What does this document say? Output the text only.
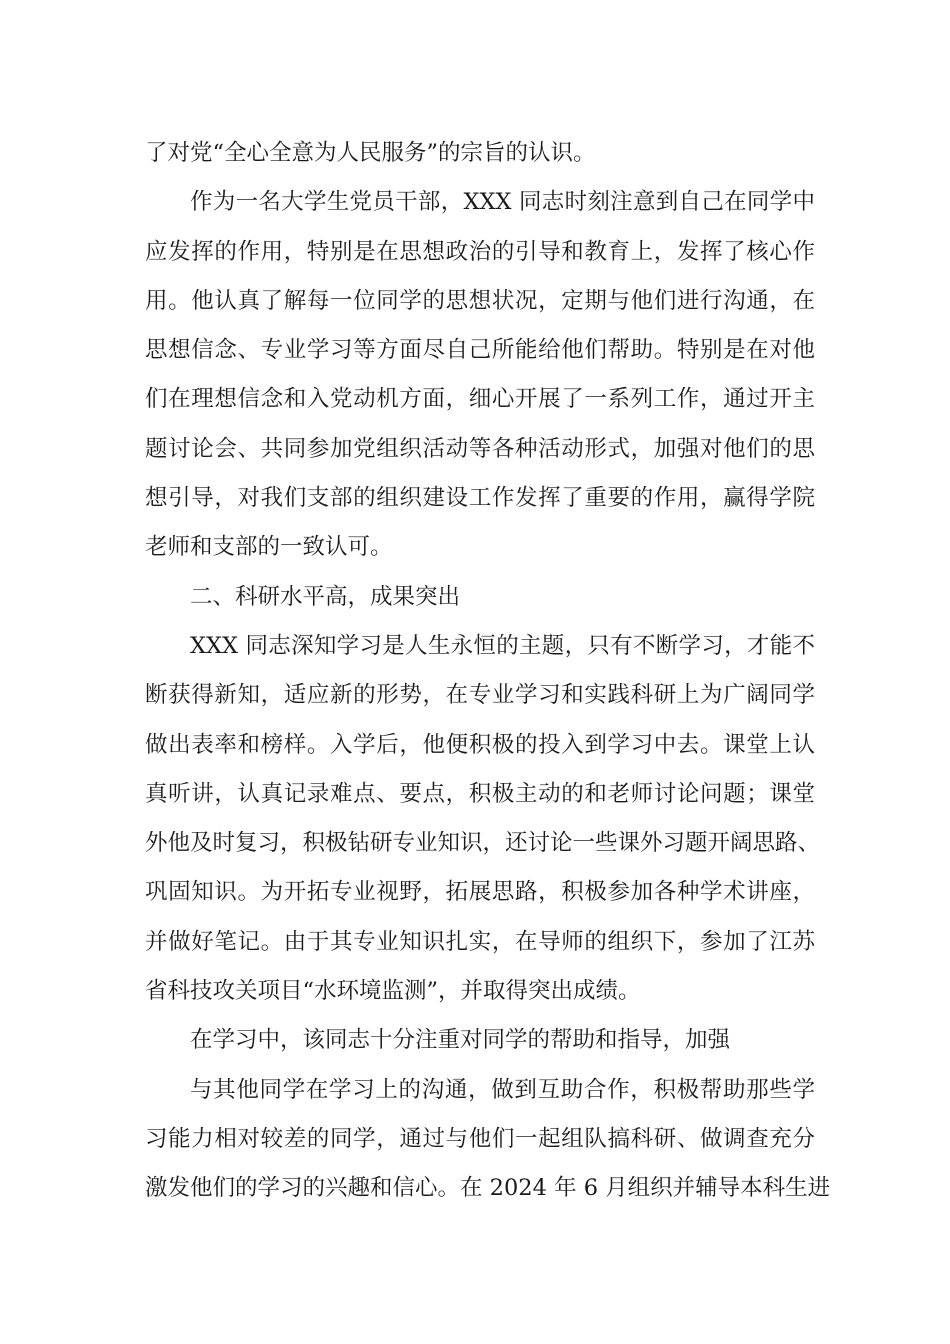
了对党“全心全意为人民服务”的宗旨的认识。
作为一名大学生党员干部，XXX 同志时刻注意到自己在同学中
应发挥的作用，特别是在思想政治的引导和教育上，发挥了核心作
用。他认真了解每一位同学的思想状况，定期与他们进行沟通，在
思想信念、专业学习等方面尽自己所能给他们帮助。特别是在对他
们在理想信念和入党动机方面，细心开展了一系列工作，通过开主
题讨论会、共同参加党组织活动等各种活动形式，加强对他们的思
想引导，对我们支部的组织建设工作发挥了重要的作用，赢得学院
老师和支部的一致认可。
二、科研水平高，成果突出
XXX 同志深知学习是人生永恒的主题，只有不断学习，才能不
断获得新知，适应新的形势，在专业学习和实践科研上为广阔同学
做出表率和榜样。入学后，他便积极的投入到学习中去。课堂上认
真听讲，认真记录难点、要点，积极主动的和老师讨论问题；课堂
外他及时复习，积极钻研专业知识，还讨论一些课外习题开阔思路、
巩固知识。为开拓专业视野，拓展思路，积极参加各种学术讲座，
并做好笔记。由于其专业知识扎实，在导师的组织下，参加了江苏
省科技攻关项目“水环境监测”，并取得突出成绩。
在学习中，该同志十分注重对同学的帮助和指导，加强
与其他同学在学习上的沟通，做到互助合作，积极帮助那些学
习能力相对较差的同学，通过与他们一起组队搞科研、做调查充分
激发他们的学习的兴趣和信心。在 2024 年 6 月组织并辅导本科生进
